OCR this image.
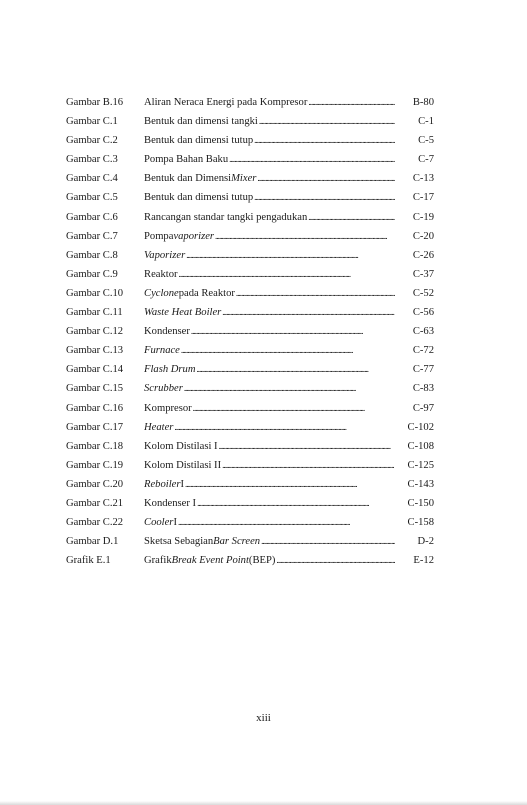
Gambar B.16	Aliran Neraca Energi pada Kompresor . . .	B-80
Gambar C.1	Bentuk dan dimensi tangki . . .	C-1
Gambar C.2	Bentuk dan dimensi tutup . . .	C-5
Gambar C.3	Pompa Bahan Baku . . .	C-7
Gambar C.4	Bentuk dan Dimensi Mixer . . .	C-13
Gambar C.5	Bentuk dan dimensi tutup . . .	C-17
Gambar C.6	Rancangan standar tangki pengadukan . . .	C-19
Gambar C.7	Pompa vaporizer . . .	C-20
Gambar C.8	Vaporizer . . .	C-26
Gambar C.9	Reaktor . . .	C-37
Gambar C.10	Cyclone pada Reaktor . . .	C-52
Gambar C.11	Waste Heat Boiler . . .	C-56
Gambar C.12	Kondenser . . .	C-63
Gambar C.13	Furnace . . .	C-72
Gambar C.14	Flash Drum . . .	C-77
Gambar C.15	Scrubber . . .	C-83
Gambar C.16	Kompresor . . .	C-97
Gambar C.17	Heater . . .	C-102
Gambar C.18	Kolom Distilasi I . . .	C-108
Gambar C.19	Kolom Distilasi II . . .	C-125
Gambar C.20	Reboiler I . . .	C-143
Gambar C.21	Kondenser I . . .	C-150
Gambar C.22	Cooler I . . .	C-158
Gambar D.1	Sketsa Sebagian Bar Screen . . .	D-2
Grafik E.1	Grafik Break Event Point (BEP) . . .	E-12
xiii
